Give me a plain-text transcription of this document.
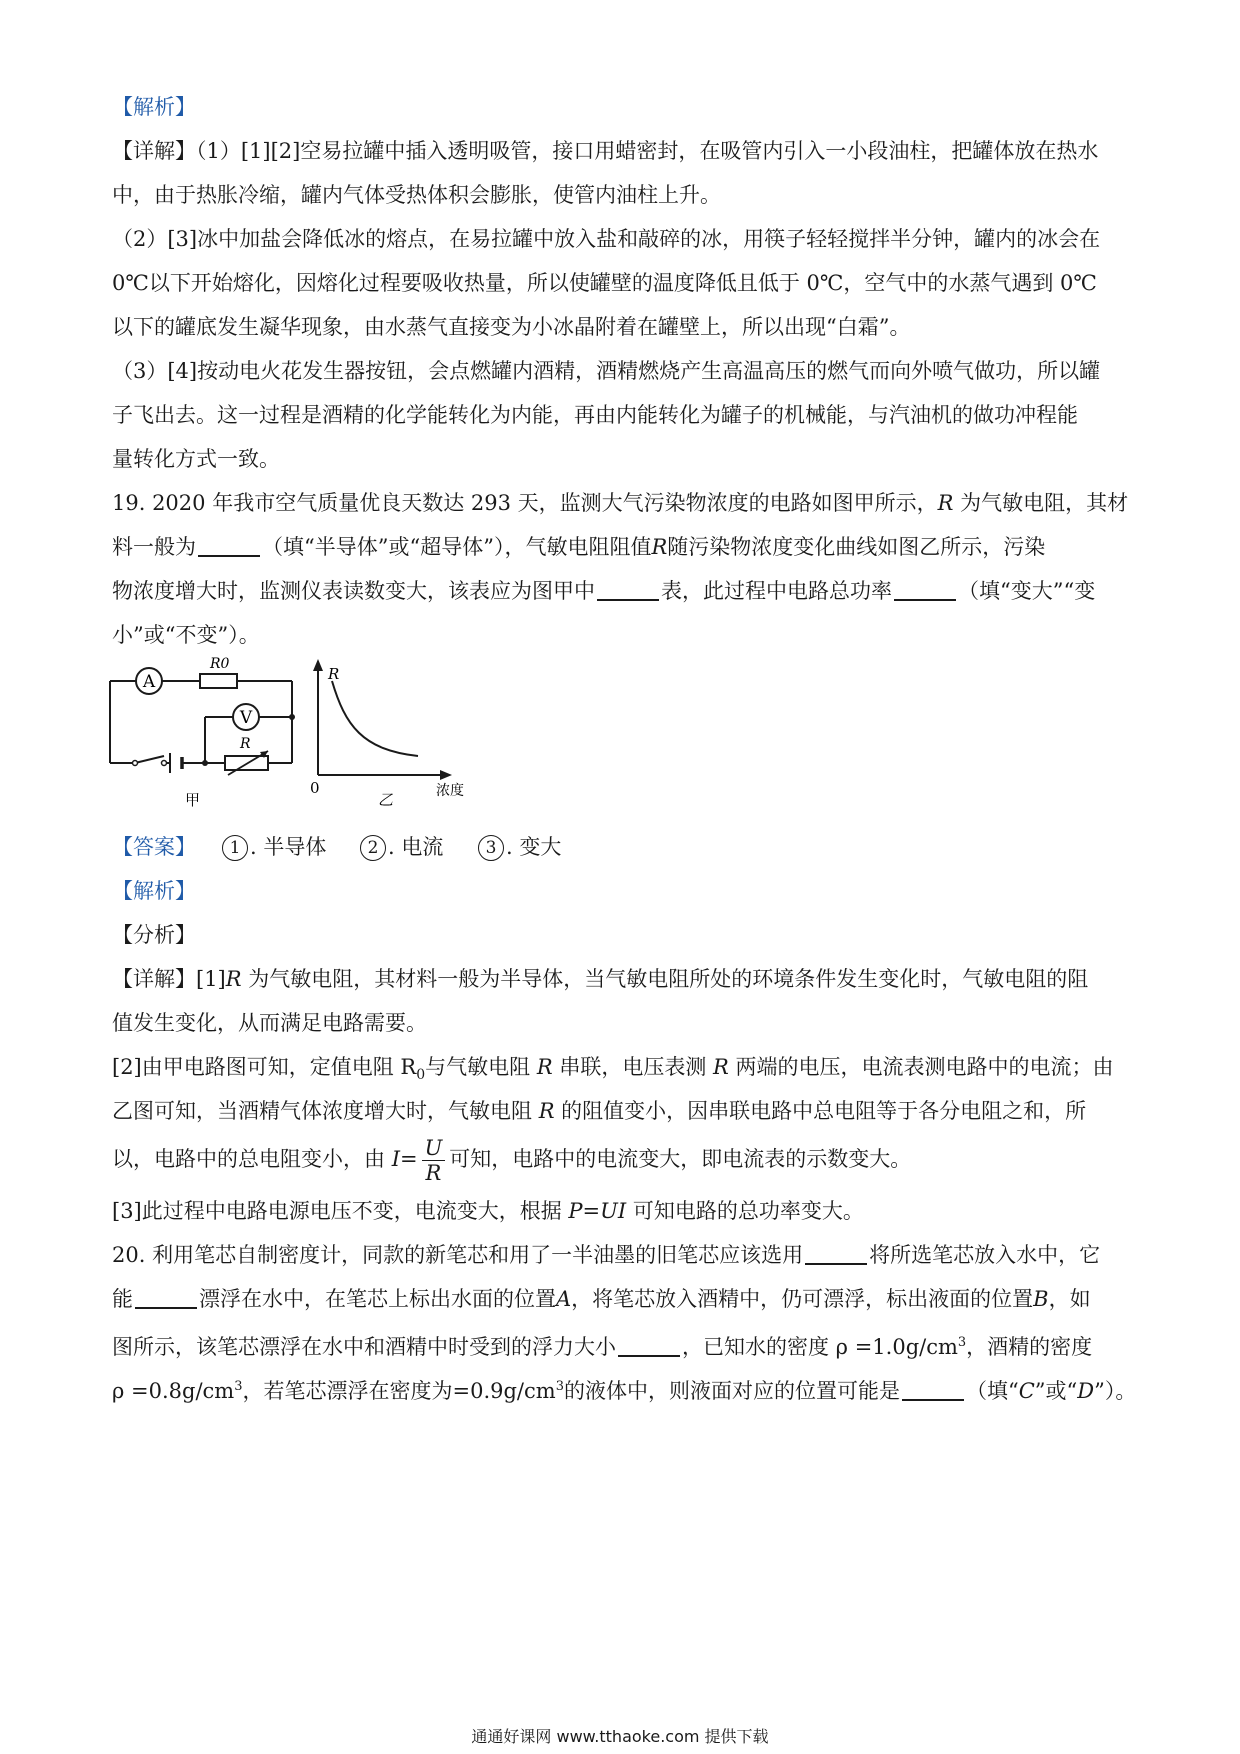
【解析】
【详解】（1）[1][2]空易拉罐中插入透明吸管，接口用蜡密封，在吸管内引入一小段油柱，把罐体放在热水
中，由于热胀冷缩，罐内气体受热体积会膨胀，使管内油柱上升。
（2）[3]冰中加盐会降低冰的熔点，在易拉罐中放入盐和敲碎的冰，用筷子轻轻搅拌半分钟，罐内的冰会在
0℃以下开始熔化，因熔化过程要吸收热量，所以使罐壁的温度降低且低于 0℃，空气中的水蒸气遇到 0℃
以下的罐底发生凝华现象，由水蒸气直接变为小冰晶附着在罐壁上，所以出现“白霜”。
（3）[4]按动电火花发生器按钮，会点燃罐内酒精，酒精燃烧产生高温高压的燃气而向外喷气做功，所以罐
子飞出去。这一过程是酒精的化学能转化为内能，再由内能转化为罐子的机械能，与汽油机的做功冲程能
量转化方式一致。
19. 2020 年我市空气质量优良天数达 293 天，监测大气污染物浓度的电路如图甲所示，R 为气敏电阻，其材
料一般为	（填“半导体”或“超导体”），气敏电阻阻值R随污染物浓度变化曲线如图乙所示，污染
物浓度增大时，监测仪表读数变大，该表应为图甲中	表，此过程中电路总功率	（填“变大”“变
小”或“不变”）。
A
R0
V
R
甲
R
0	浓度
乙
【答案】	1 . 半导体	2 . 电流	3 . 变大
【解析】
【分析】
【详解】[1]R 为气敏电阻，其材料一般为半导体，当气敏电阻所处的环境条件发生变化时，气敏电阻的阻
值发生变化，从而满足电路需要。
[2]由甲电路图可知，定值电阻 $R_0$与气敏电阻 R 串联，电压表测 R 两端的电压，电流表测电路中的电流；由
乙图可知，当酒精气体浓度增大时，气敏电阻 R 的阻值变小，因串联电路中总电阻等于各分电阻之和，所
以，电路中的总电阻变小，由 $I= \frac{U}{R}$ 可知，电路中的电流变大，即电流表的示数变大。
[3]此过程中电路电源电压不变，电流变大，根据 P=UI 可知电路的总功率变大。
20. 利用笔芯自制密度计，同款的新笔芯和用了一半油墨的旧笔芯应该选用	将所选笔芯放入水中，它
能	漂浮在水中，在笔芯上标出水面的位置A，将笔芯放入酒精中，仍可漂浮，标出液面的位置B，如
图所示，该笔芯漂浮在水中和酒精中时受到的浮力大小	，已知水的密度 $\rho =1.0g/cm^3$，酒精的密度
$\rho =0.8g/cm^3$，若笔芯漂浮在密度为$=0.9g/cm^3$的液体中，则液面对应的位置可能是	（填“C”或“D”）。
通通好课网 www.tthaoke.com 提供下载
